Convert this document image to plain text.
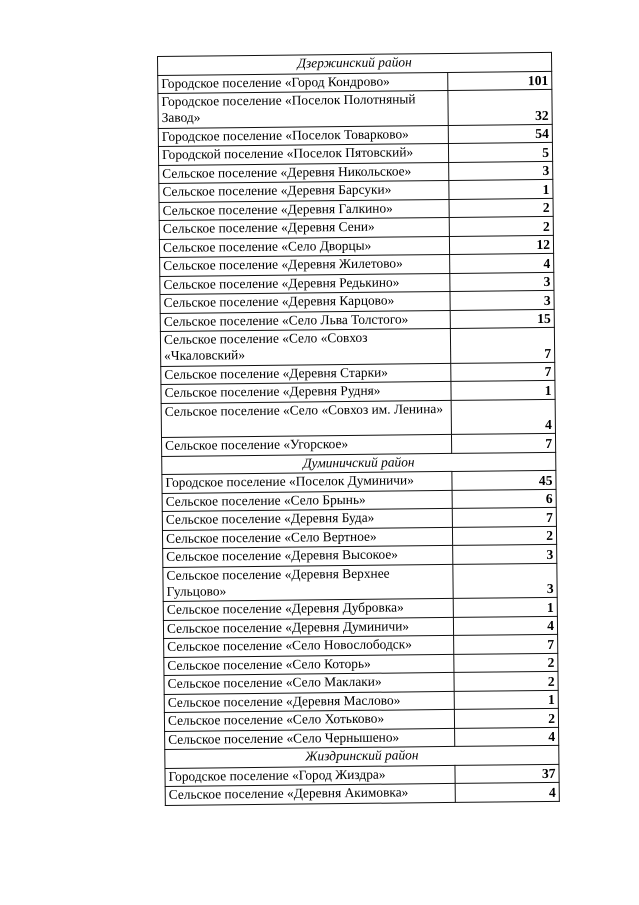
Дзержинский район	
Городское поселение «Город Кондрово»	101
Городское поселение «Поселок Полотняный Завод»	32
Городское поселение «Поселок Товарково»	54
Городской поселение «Поселок Пятовский»	5
Сельское поселение «Деревня Никольское»	3
Сельское поселение «Деревня Барсуки»	1
Сельское поселение «Деревня Галкино»	2
Сельское поселение «Деревня Сени»	2
Сельское поселение «Село Дворцы»	12
Сельское поселение «Деревня Жилетово»	4
Сельское поселение «Деревня Редькино»	3
Сельское поселение «Деревня Карцово»	3
Сельское поселение «Село Льва Толстого»	15
Сельское поселение «Село «Совхоз «Чкаловский»	7
Сельское поселение «Деревня Старки»	7
Сельское поселение «Деревня Рудня»	1
Сельское поселение «Село «Совхоз им. Ленина»	4
Сельское поселение «Угорское»	7
Думиничский район	
Городское поселение «Поселок Думиничи»	45
Сельское поселение «Село Брынь»	6
Сельское поселение «Деревня Буда»	7
Сельское поселение «Село Вертное»	2
Сельское поселение «Деревня Высокое»	3
Сельское поселение «Деревня Верхнее Гульцово»	3
Сельское поселение «Деревня Дубровка»	1
Сельское поселение «Деревня Думиничи»	4
Сельское поселение «Село Новослободск»	7
Сельское поселение «Село Которь»	2
Сельское поселение «Село Маклаки»	2
Сельское поселение «Деревня Маслово»	1
Сельское поселение «Село Хотьково»	2
Сельское поселение «Село Чернышено»	4
Жиздринский район	
Городское поселение «Город Жиздра»	37
Сельское поселение «Деревня Акимовка»	4
